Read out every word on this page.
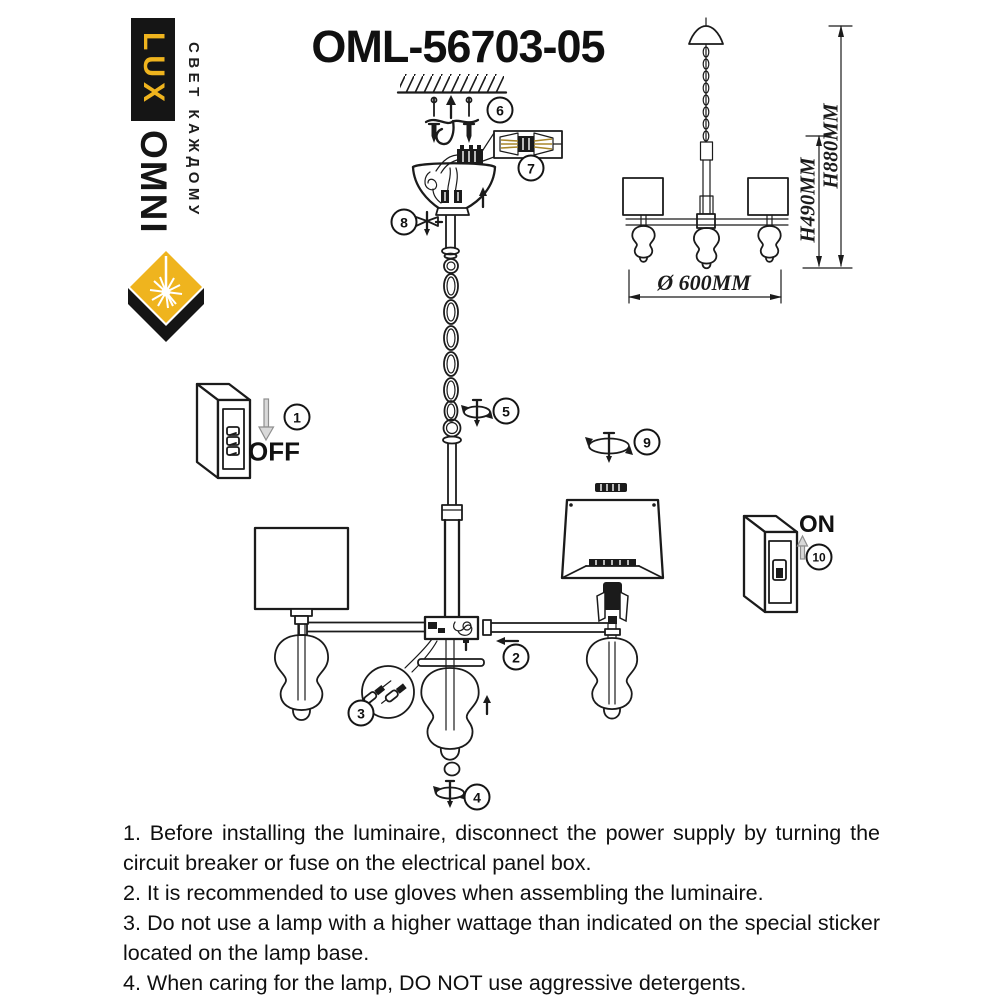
LUX
OMNI СВЕТ КАЖДОМУ OML-56703-05
H490MM
H880MM
Ø 600MM
OFF
ON
1
2
3
4
5
6
7
8
9
10

1. Before installing the luminaire, disconnect the power supply by turning the circuit breaker or fuse on the electrical panel box.

2. It is recommended to use gloves when assembling the luminaire.

3. Do not use a lamp with a higher wattage than indicated on the special sticker located on the lamp base.

4. When caring for the lamp, DO NOT use aggressive detergents.
